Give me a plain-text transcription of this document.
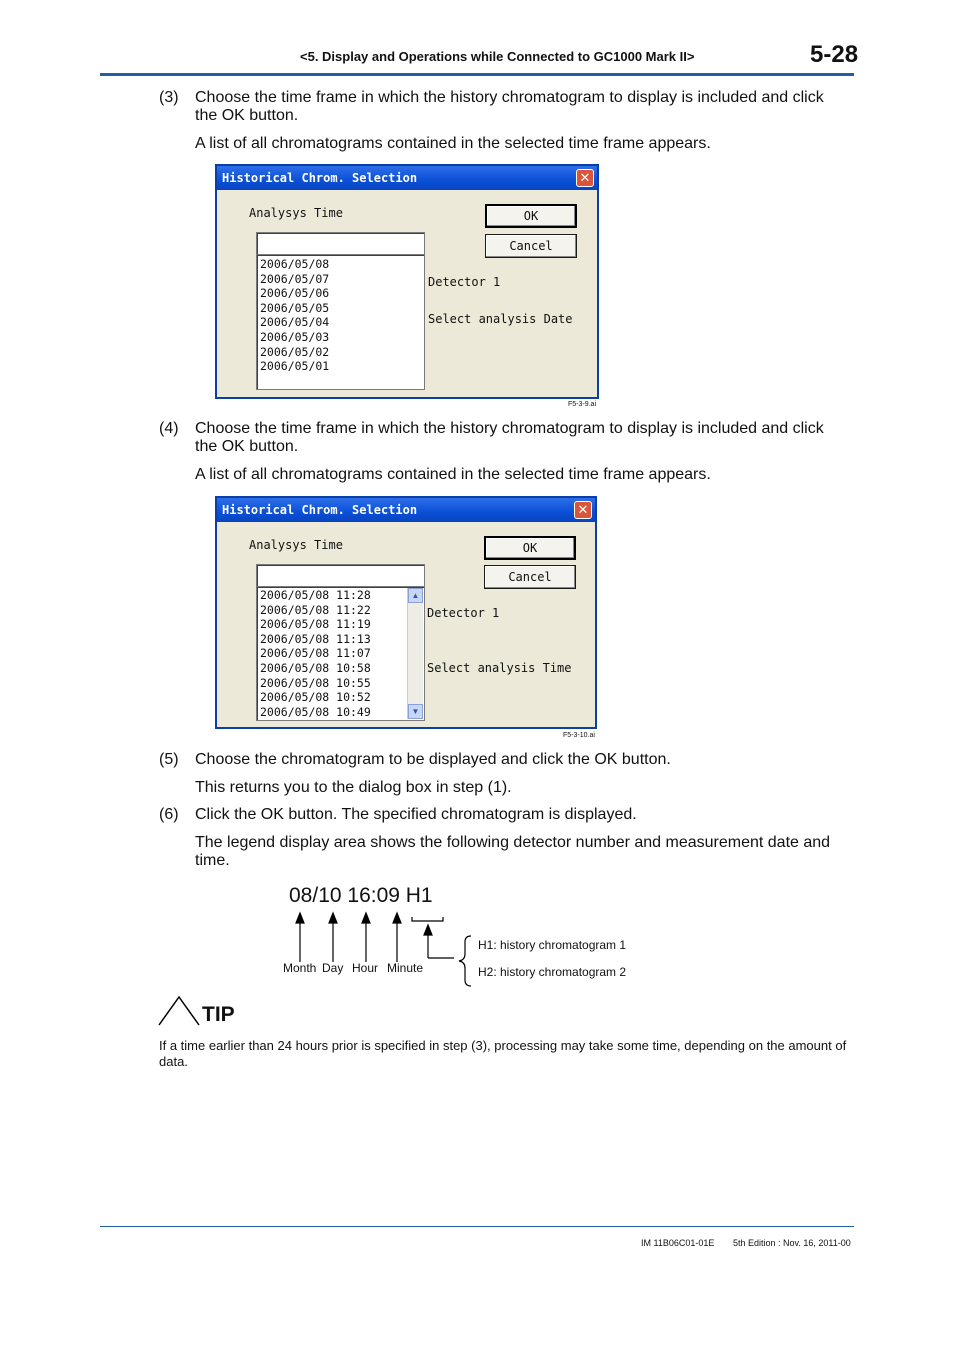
<5. Display and Operations while Connected to GC1000 Mark II>	5-28
(3) Choose the time frame in which the history chromatogram to display is included and click the OK button.
A list of all chromatograms contained in the selected time frame appears.
Historical Chrom. Selection	✕
Analysys Time	OK
Cancel
2006/05/08
2006/05/07
2006/05/06
2006/05/05
2006/05/04
2006/05/03
2006/05/02
2006/05/01
Detector 1
Select analysis Date
F5-3-9.ai
(4) Choose the time frame in which the history chromatogram to display is included and click the OK button.
A list of all chromatograms contained in the selected time frame appears.
Historical Chrom. Selection	✕
Analysys Time	OK
Cancel
2006/05/08 11:28
2006/05/08 11:22
2006/05/08 11:19
2006/05/08 11:13
2006/05/08 11:07
2006/05/08 10:58
2006/05/08 10:55
2006/05/08 10:52
2006/05/08 10:49
▲
▼
Detector 1
Select analysis Time
F5-3-10.ai
(5) Choose the chromatogram to be displayed and click the OK button.
This returns you to the dialog box in step (1).
(6) Click the OK button. The specified chromatogram is displayed.
The legend display area shows the following detector number and measurement date and time.
08/10 16:09 H1
Month Day Hour Minute
H1: history chromatogram 1
H2: history chromatogram 2
TIP
If a time earlier than 24 hours prior is specified in step (3), processing may take some time, depending on the amount of data.
IM 11B06C01-01E 5th Edition : Nov. 16, 2011-00
